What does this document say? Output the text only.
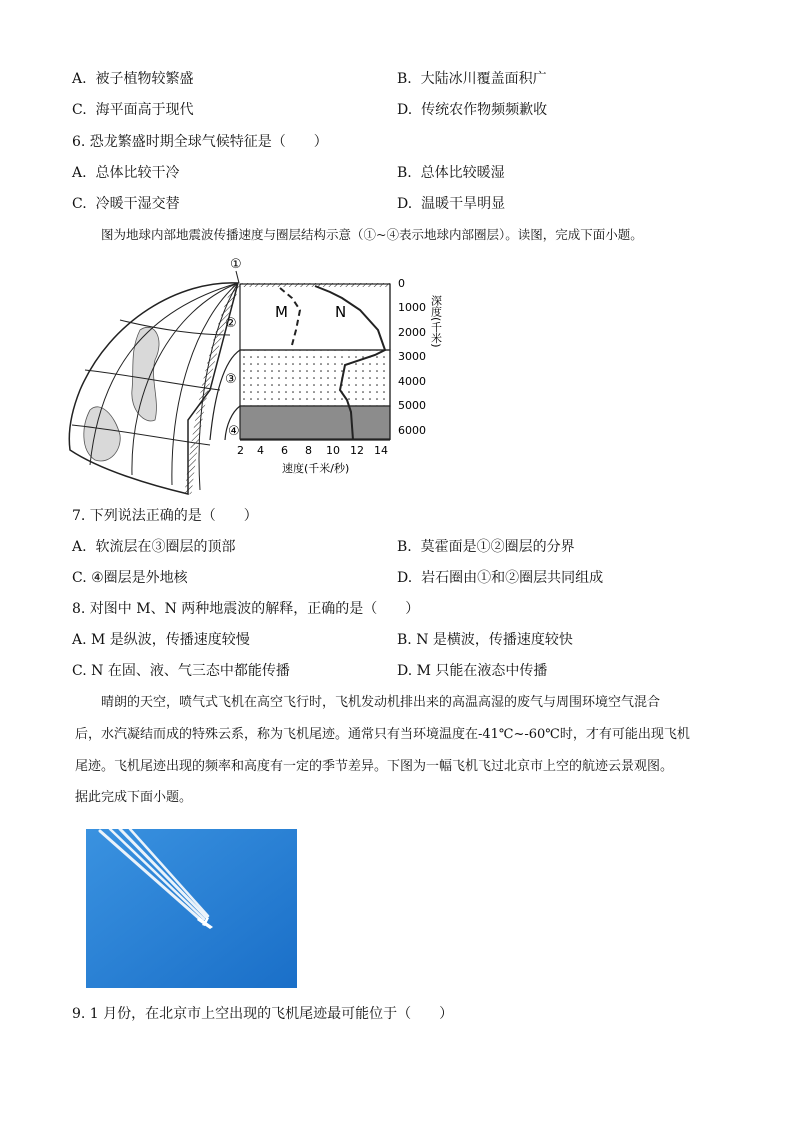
A. 被子植物较繁盛	B. 大陆冰川覆盖面积广
C. 海平面高于现代	D. 传统农作物频频歉收
6. 恐龙繁盛时期全球气候特征是（　　）
A. 总体比较干冷	B. 总体比较暖湿
C. 冷暖干湿交替	D. 温暖干旱明显
图为地球内部地震波传播速度与圈层结构示意（①~④表示地球内部圈层）。读图，完成下面小题。
①
②
③
④
M	N
0
1000
2000
3000
4000
5000
6000
深度(千米)
2 4 6 8 10 12 14
速度(千米/秒)
7. 下列说法正确的是（　　）
A. 软流层在③圈层的顶部	B. 莫霍面是①②圈层的分界
C. ④圈层是外地核	D. 岩石圈由①和②圈层共同组成
8. 对图中 M、N 两种地震波的解释，正确的是（　　）
A. M 是纵波，传播速度较慢	B. N 是横波，传播速度较快
C. N 在固、液、气三态中都能传播	D. M 只能在液态中传播
晴朗的天空，喷气式飞机在高空飞行时，飞机发动机排出来的高温高湿的废气与周围环境空气混合
后，水汽凝结而成的特殊云系，称为飞机尾迹。通常只有当环境温度在-41℃~-60℃时，才有可能出现飞机
尾迹。飞机尾迹出现的频率和高度有一定的季节差异。下图为一幅飞机飞过北京市上空的航迹云景观图。
据此完成下面小题。
9. 1 月份，在北京市上空出现的飞机尾迹最可能位于（　　）
